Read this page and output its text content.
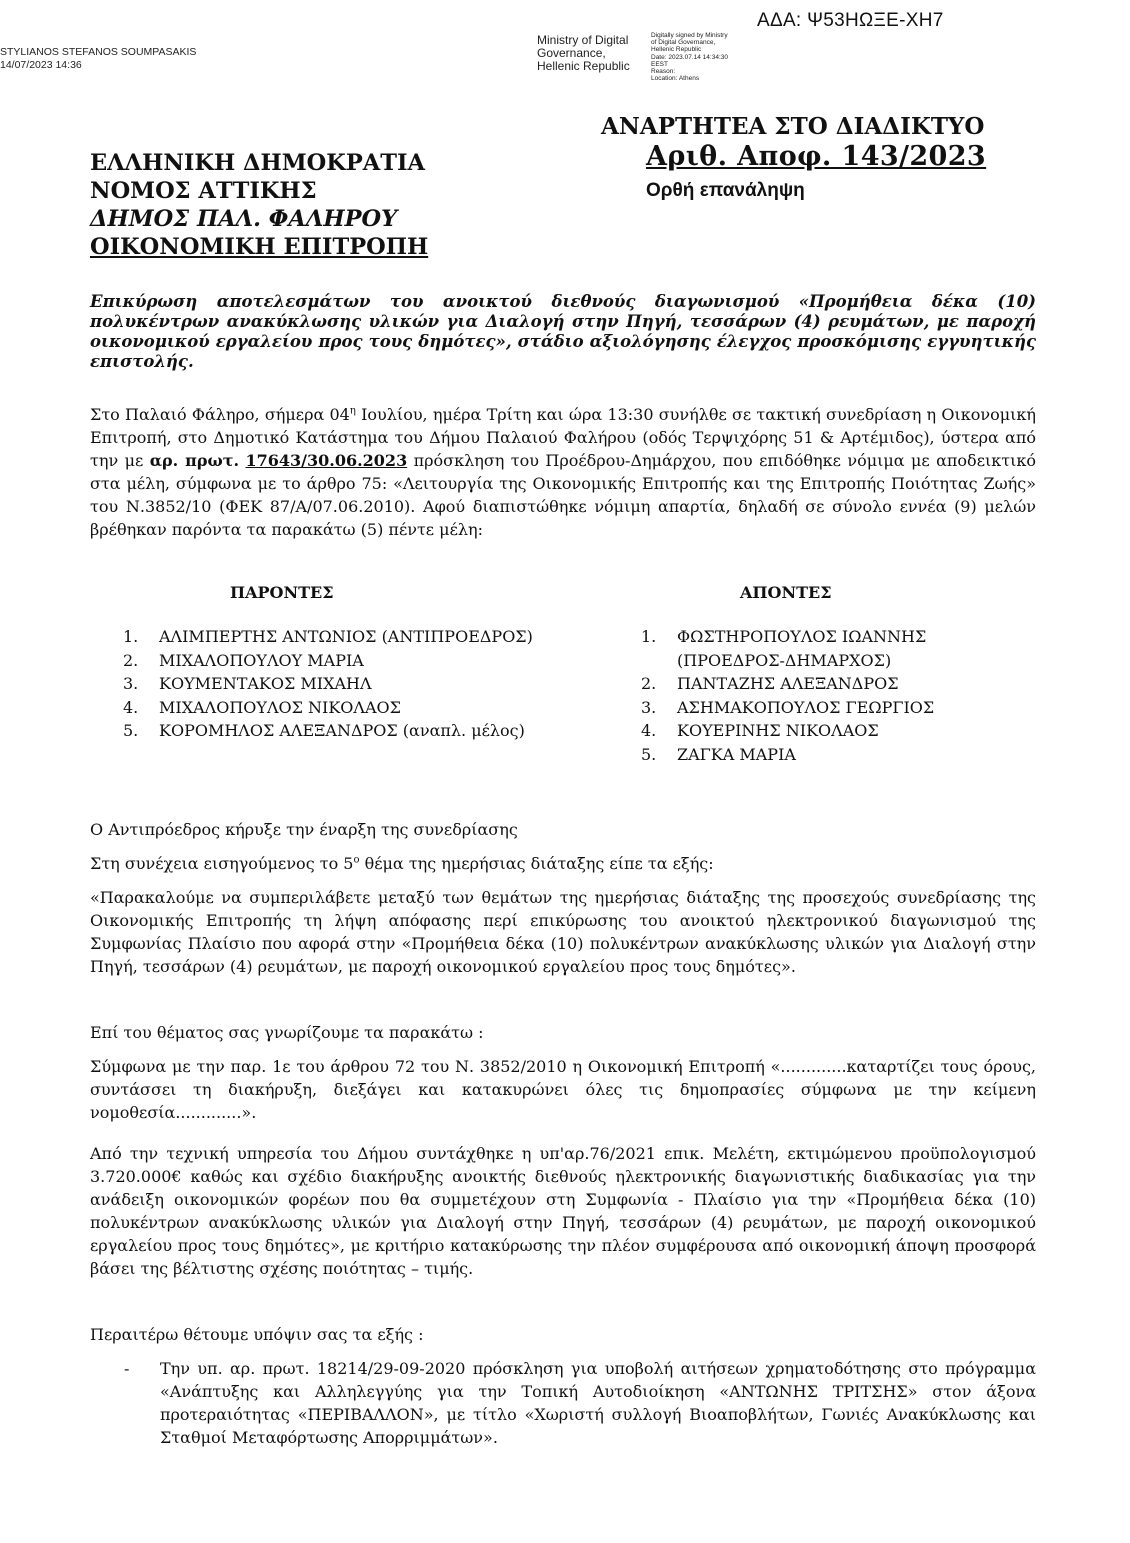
STYLIANOS STEFANOS SOUMPASAKIS
14/07/2023 14:36
Ministry of Digital
Governance,
Hellenic Republic
Digitally signed by Ministry
of Digital Governance,
Hellenic Republic
Date: 2023.07.14 14:34:30
EEST
Reason:
Location: Athens
ΑΔΑ: Ψ53ΗΩΞΕ-ΧΗ7
ΑΝΑΡΤΗΤΕΑ ΣΤΟ ΔΙΑΔΙΚΤΥΟ
Αριθ. Αποφ. 143/2023
Ορθή επανάληψη
ΕΛΛΗΝΙΚΗ ΔΗΜΟΚΡΑΤΙΑ
ΝΟΜΟΣ ΑΤΤΙΚΗΣ
ΔΗΜΟΣ ΠΑΛ. ΦΑΛΗΡΟΥ
ΟΙΚΟΝΟΜΙΚΗ ΕΠΙΤΡΟΠΗ
Επικύρωση αποτελεσμάτων του ανοικτού διεθνούς διαγωνισμού «Προμήθεια δέκα (10) πολυκέντρων ανακύκλωσης υλικών για Διαλογή στην Πηγή, τεσσάρων (4) ρευμάτων, με παροχή οικονομικού εργαλείου προς τους δημότες», στάδιο αξιολόγησης έλεγχος προσκόμισης εγγυητικής επιστολής.
Στο Παλαιό Φάληρο, σήμερα $04^\eta$ Ιουλίου, ημέρα Τρίτη και ώρα 13:30 συνήλθε σε τακτική συνεδρίαση η Οικονομική Επιτροπή, στο Δημοτικό Κατάστημα του Δήμου Παλαιού Φαλήρου (οδός Τερψιχόρης 51 & Αρτέμιδος), ύστερα από την με αρ. πρωτ. 17643/30.06.2023 πρόσκληση του Προέδρου-Δημάρχου, που επιδόθηκε νόμιμα με αποδεικτικό στα μέλη, σύμφωνα με το άρθρο 75: «Λειτουργία της Οικονομικής Επιτροπής και της Επιτροπής Ποιότητας Ζωής» του Ν.3852/10 (ΦΕΚ 87/Α/07.06.2010). Αφού διαπιστώθηκε νόμιμη απαρτία, δηλαδή σε σύνολο εννέα (9) μελών βρέθηκαν παρόντα τα παρακάτω (5) πέντε μέλη:
ΠΑΡΟΝΤΕΣ	ΑΠΟΝΤΕΣ
1. ΑΛΙΜΠΕΡΤΗΣ ΑΝΤΩΝΙΟΣ (ΑΝΤΙΠΡΟΕΔΡΟΣ)
2. ΜΙΧΑΛΟΠΟΥΛΟΥ ΜΑΡΙΑ
3. ΚΟΥΜΕΝΤΑΚΟΣ ΜΙΧΑΗΛ
4. ΜΙΧΑΛΟΠΟΥΛΟΣ ΝΙΚΟΛΑΟΣ
5. ΚΟΡΟΜΗΛΟΣ ΑΛΕΞΑΝΔΡΟΣ (αναπλ. μέλος)
1. ΦΩΣΤΗΡΟΠΟΥΛΟΣ ΙΩΑΝΝΗΣ (ΠΡΟΕΔΡΟΣ-ΔΗΜΑΡΧΟΣ)
2. ΠΑΝΤΑΖΗΣ ΑΛΕΞΑΝΔΡΟΣ
3. ΑΣΗΜΑΚΟΠΟΥΛΟΣ ΓΕΩΡΓΙΟΣ
4. ΚΟΥΕΡΙΝΗΣ ΝΙΚΟΛΑΟΣ
5. ΖΑΓΚΑ ΜΑΡΙΑ
Ο Αντιπρόεδρος κήρυξε την έναρξη της συνεδρίασης
Στη συνέχεια εισηγούμενος το $5^o$ θέμα της ημερήσιας διάταξης είπε τα εξής:
«Παρακαλούμε να συμπεριλάβετε μεταξύ των θεμάτων της ημερήσιας διάταξης της προσεχούς συνεδρίασης της Οικονομικής Επιτροπής τη λήψη απόφασης περί επικύρωσης του ανοικτού ηλεκτρονικού διαγωνισμού της Συμφωνίας Πλαίσιο που αφορά στην «Προμήθεια δέκα (10) πολυκέντρων ανακύκλωσης υλικών για Διαλογή στην Πηγή, τεσσάρων (4) ρευμάτων, με παροχή οικονομικού εργαλείου προς τους δημότες».
Επί του θέματος σας γνωρίζουμε τα παρακάτω :
Σύμφωνα με την παρ. 1ε του άρθρου 72 του Ν. 3852/2010 η Οικονομική Επιτροπή «.............καταρτίζει τους όρους, συντάσσει τη διακήρυξη, διεξάγει και κατακυρώνει όλες τις δημοπρασίες σύμφωνα με την κείμενη νομοθεσία.............».
Από την τεχνική υπηρεσία του Δήμου συντάχθηκε η υπ'αρ.76/2021 επικ. Μελέτη, εκτιμώμενου προϋπολογισμού 3.720.000€ καθώς και σχέδιο διακήρυξης ανοικτής διεθνούς ηλεκτρονικής διαγωνιστικής διαδικασίας για την ανάδειξη οικονομικών φορέων που θα συμμετέχουν στη Συμφωνία - Πλαίσιο για την «Προμήθεια δέκα (10) πολυκέντρων ανακύκλωσης υλικών για Διαλογή στην Πηγή, τεσσάρων (4) ρευμάτων, με παροχή οικονομικού εργαλείου προς τους δημότες», με κριτήριο κατακύρωσης την πλέον συμφέρουσα από οικονομική άποψη προσφορά βάσει της βέλτιστης σχέσης ποιότητας – τιμής.
Περαιτέρω θέτουμε υπόψιν σας τα εξής :
- Την υπ. αρ. πρωτ. 18214/29-09-2020 πρόσκληση για υποβολή αιτήσεων χρηματοδότησης στο πρόγραμμα «Ανάπτυξης και Αλληλεγγύης για την Τοπική Αυτοδιοίκηση «ΑΝΤΩΝΗΣ ΤΡΙΤΣΗΣ» στον άξονα προτεραιότητας «ΠΕΡΙΒΑΛΛΟΝ», με τίτλο «Χωριστή συλλογή Βιοαποβλήτων, Γωνιές Ανακύκλωσης και Σταθμοί Μεταφόρτωσης Απορριμμάτων».
